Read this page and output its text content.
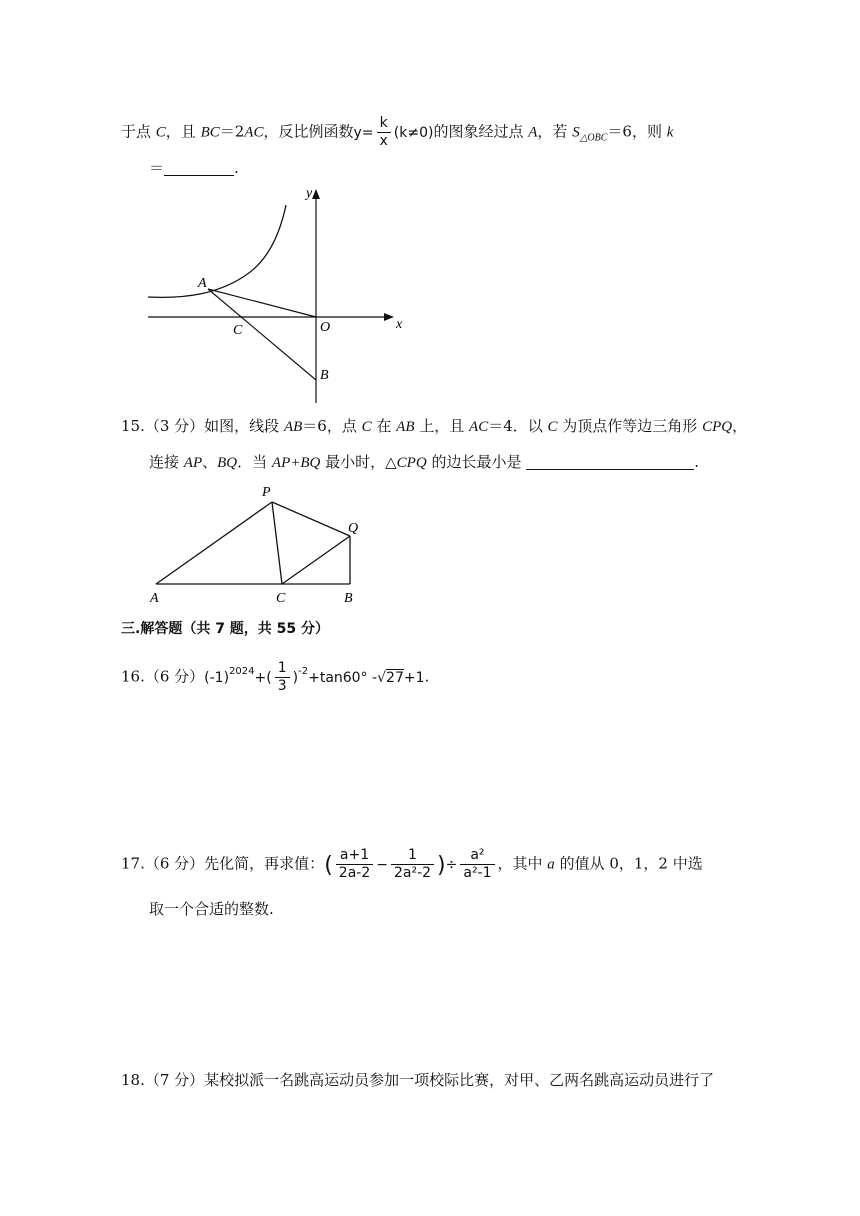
于点 C，且 BC＝2AC，反比例函数$y= \frac{k}{x} (k\ne 0)$的图象经过点 A，若 $S_{\triangle OBC}=6$，则 k
＝	.
A
C	O
B
y
x
15.（3 分）如图，线段 AB＝6，点 C 在 AB 上，且 AC＝4．以 C 为顶点作等边三角形 CPQ，
连接 AP、BQ．当 AP+BQ 最小时，△CPQ 的边长最小是	.
P
Q
A	C	B
三.解答题（共 7 题，共 55 分）
16.（6 分）$(-1)^{2024}+( \frac{1}{3} )^{-2}+\tan 60^\circ$ -√27+1.
17.（6 分）先化简，再求值：( $\frac{a+1}{2a-2} - \frac{1}{\text{2a²-2}}$ )÷ $\frac{\text{a²}}{\text{a²-1}}$ ，其中 a 的值从 0，1，2 中选
取一个合适的整数.
18.（7 分）某校拟派一名跳高运动员参加一项校际比赛，对甲、乙两名跳高运动员进行了
